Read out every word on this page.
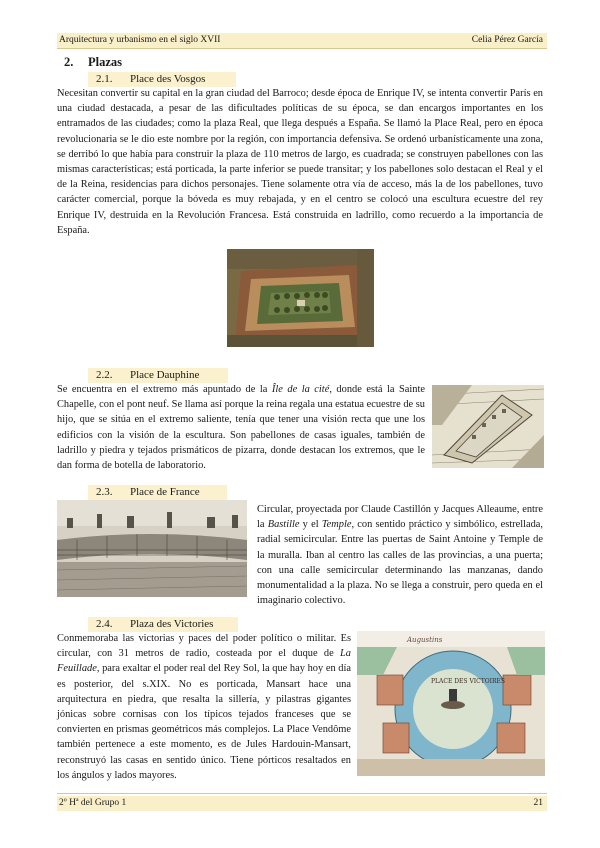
Arquitectura y urbanismo en el siglo XVII	Celia Pérez García
2. Plazas
2.1. Place des Vosgos

Necesitan convertir su capital en la gran ciudad del Barroco; desde época de Enrique IV, se intenta convertir París en una ciudad destacada, a pesar de las dificultades políticas de su época, se dan encargos importantes en los entramados de las ciudades; como la plaza Real, que llega después a España. Se llamó la Place Real, pero en época revolucionaria se le dio este nombre por la región, con importancia defensiva. Se ordenó urbanísticamente una zona, se derribó lo que había para construir la plaza de 110 metros de largo, es cuadrada; se construyen pabellones con las mismas características; está porticada, la parte inferior se puede transitar; y los pabellones solo destacan el Real y el de la Reina, residencias para dichos personajes. Tiene solamente otra vía de acceso, más la de los pabellones, tuvo carácter comercial, porque la bóveda es muy rebajada, y en el centro se colocó una escultura ecuestre del rey Enrique IV, destruida en la Revolución Francesa. Está construida en ladrillo, como recuerdo a la importancia de España.

2.2. Place Dauphine

Se encuentra en el extremo más apuntado de la Île de la cité, donde está la Sainte Chapelle, con el pont neuf. Se llama así porque la reina regala una estatua ecuestre de su hijo, que se sitúa en el extremo saliente, tenía que tener una visión recta que une los edificios con la visión de la escultura. Son pabellones de casas iguales, también de ladrillo y piedra y tejados prismáticos de pizarra, donde destacan los extremos, que le dan forma de botella de laboratorio.

2.3. Place de France

Circular, proyectada por Claude Castillón y Jacques Alleaume, entre la Bastille y el Temple, con sentido práctico y simbólico, estrellada, radial semicircular. Entre las puertas de Saint Antoine y Temple de la muralla. Iban al centro las calles de las provincias, a una puerta; con una calle semicircular determinando las manzanas, dando monumentalidad a la plaza. No se llega a construir, pero queda en el imaginario colectivo.

2.4. Plaza des Victories

Conmemoraba las victorias y paces del poder político o militar. Es circular, con 31 metros de radio, costeada por el duque de La Feuillade, para exaltar el poder real del Rey Sol, la que hay hoy en día es posterior, del s.XIX. No es porticada, Mansart hace una arquitectura en piedra, que resalta la sillería, y pilastras gigantes jónicas sobre cornisas con los típicos tejados franceses que se convierten en prismas geométricos más complejos. La Place Vendôme también pertenece a este momento, es de Jules Hardouin-Mansart, reconstruyó las casas en sentido único. Tiene pórticos resaltados en los ángulos y lados mayores.

Augustins
PLACE DES VICTOIRES
2º Hª del Grupo 1	21
